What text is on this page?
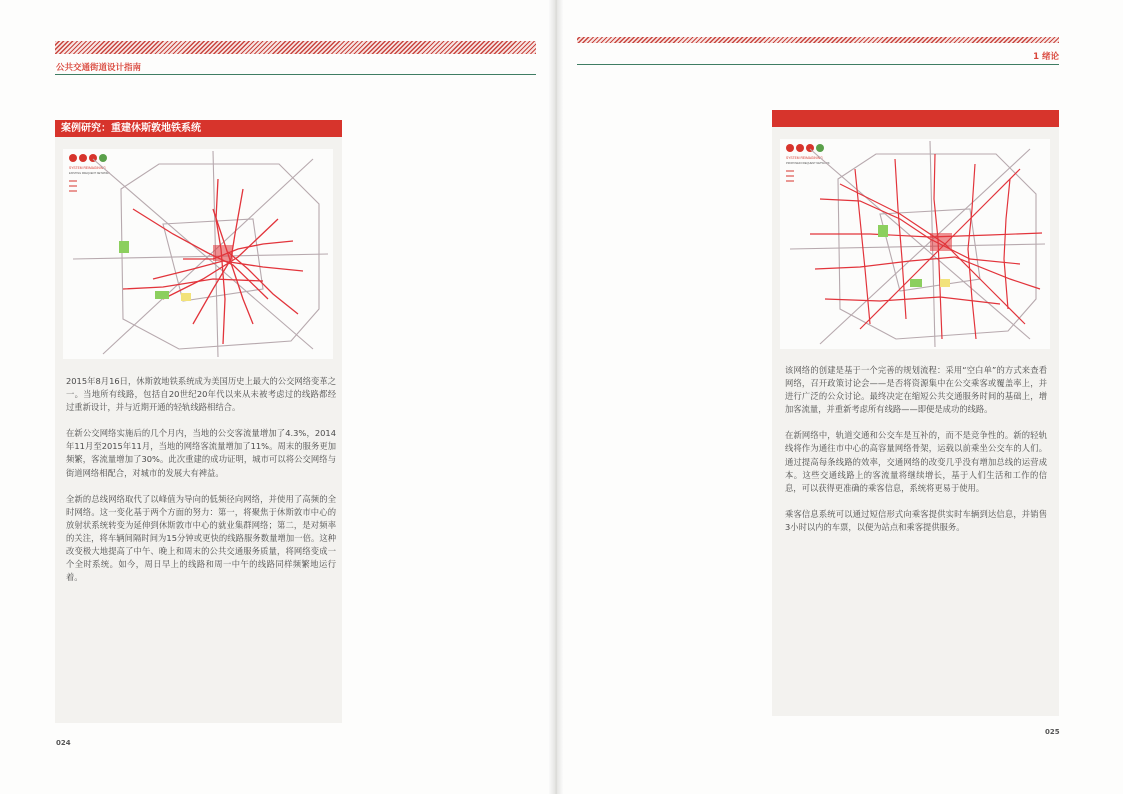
公共交通街道设计指南
案例研究：重建休斯敦地铁系统
SYSTEM REIMAGINING
EXISTING FREQUENT NETWORK

2015年8月16日，休斯敦地铁系统成为美国历史上最大的公交网络变革之一。当地所有线路，包括自20世纪20年代以来从未被考虑过的线路都经过重新设计，并与近期开通的轻轨线路相结合。

在新公交网络实施后的几个月内，当地的公交客流量增加了4.3%，2014年11月至2015年11月，当地的网络客流量增加了11%。周末的服务更加频繁，客流量增加了30%。此次重建的成功证明，城市可以将公交网络与街道网络相配合，对城市的发展大有裨益。

全新的总线网络取代了以峰值为导向的低频径向网络，并使用了高频的全时网络。这一变化基于两个方面的努力：第一，将聚焦于休斯敦市中心的放射状系统转变为延伸到休斯敦市中心的就业集群网络；第二，是对频率的关注，将车辆间隔时间为15分钟或更快的线路服务数量增加一倍。这种改变极大地提高了中午、晚上和周末的公共交通服务质量，将网络变成一个全时系统。如今，周日早上的线路和周一中午的线路同样频繁地运行着。

024
1 绪论
SYSTEM REIMAGINING
PROPOSED FREQUENT NETWORK

该网络的创建是基于一个完善的规划流程：采用“空白单”的方式来查看网络，召开政策讨论会——是否将资源集中在公交乘客或覆盖率上，并进行广泛的公众讨论。最终决定在缩短公共交通服务时间的基础上，增加客流量，并重新考虑所有线路——即便是成功的线路。

在新网络中，轨道交通和公交车是互补的，而不是竞争性的。新的轻轨线将作为通往市中心的高容量网络骨架，运载以前乘坐公交车的人们。通过提高每条线路的效率，交通网络的改变几乎没有增加总线的运营成本。这些交通线路上的客流量将继续增长，基于人们生活和工作的信息，可以获得更准确的乘客信息，系统将更易于使用。

乘客信息系统可以通过短信形式向乘客提供实时车辆到达信息，并销售3小时以内的车票，以便为站点和乘客提供服务。

025
